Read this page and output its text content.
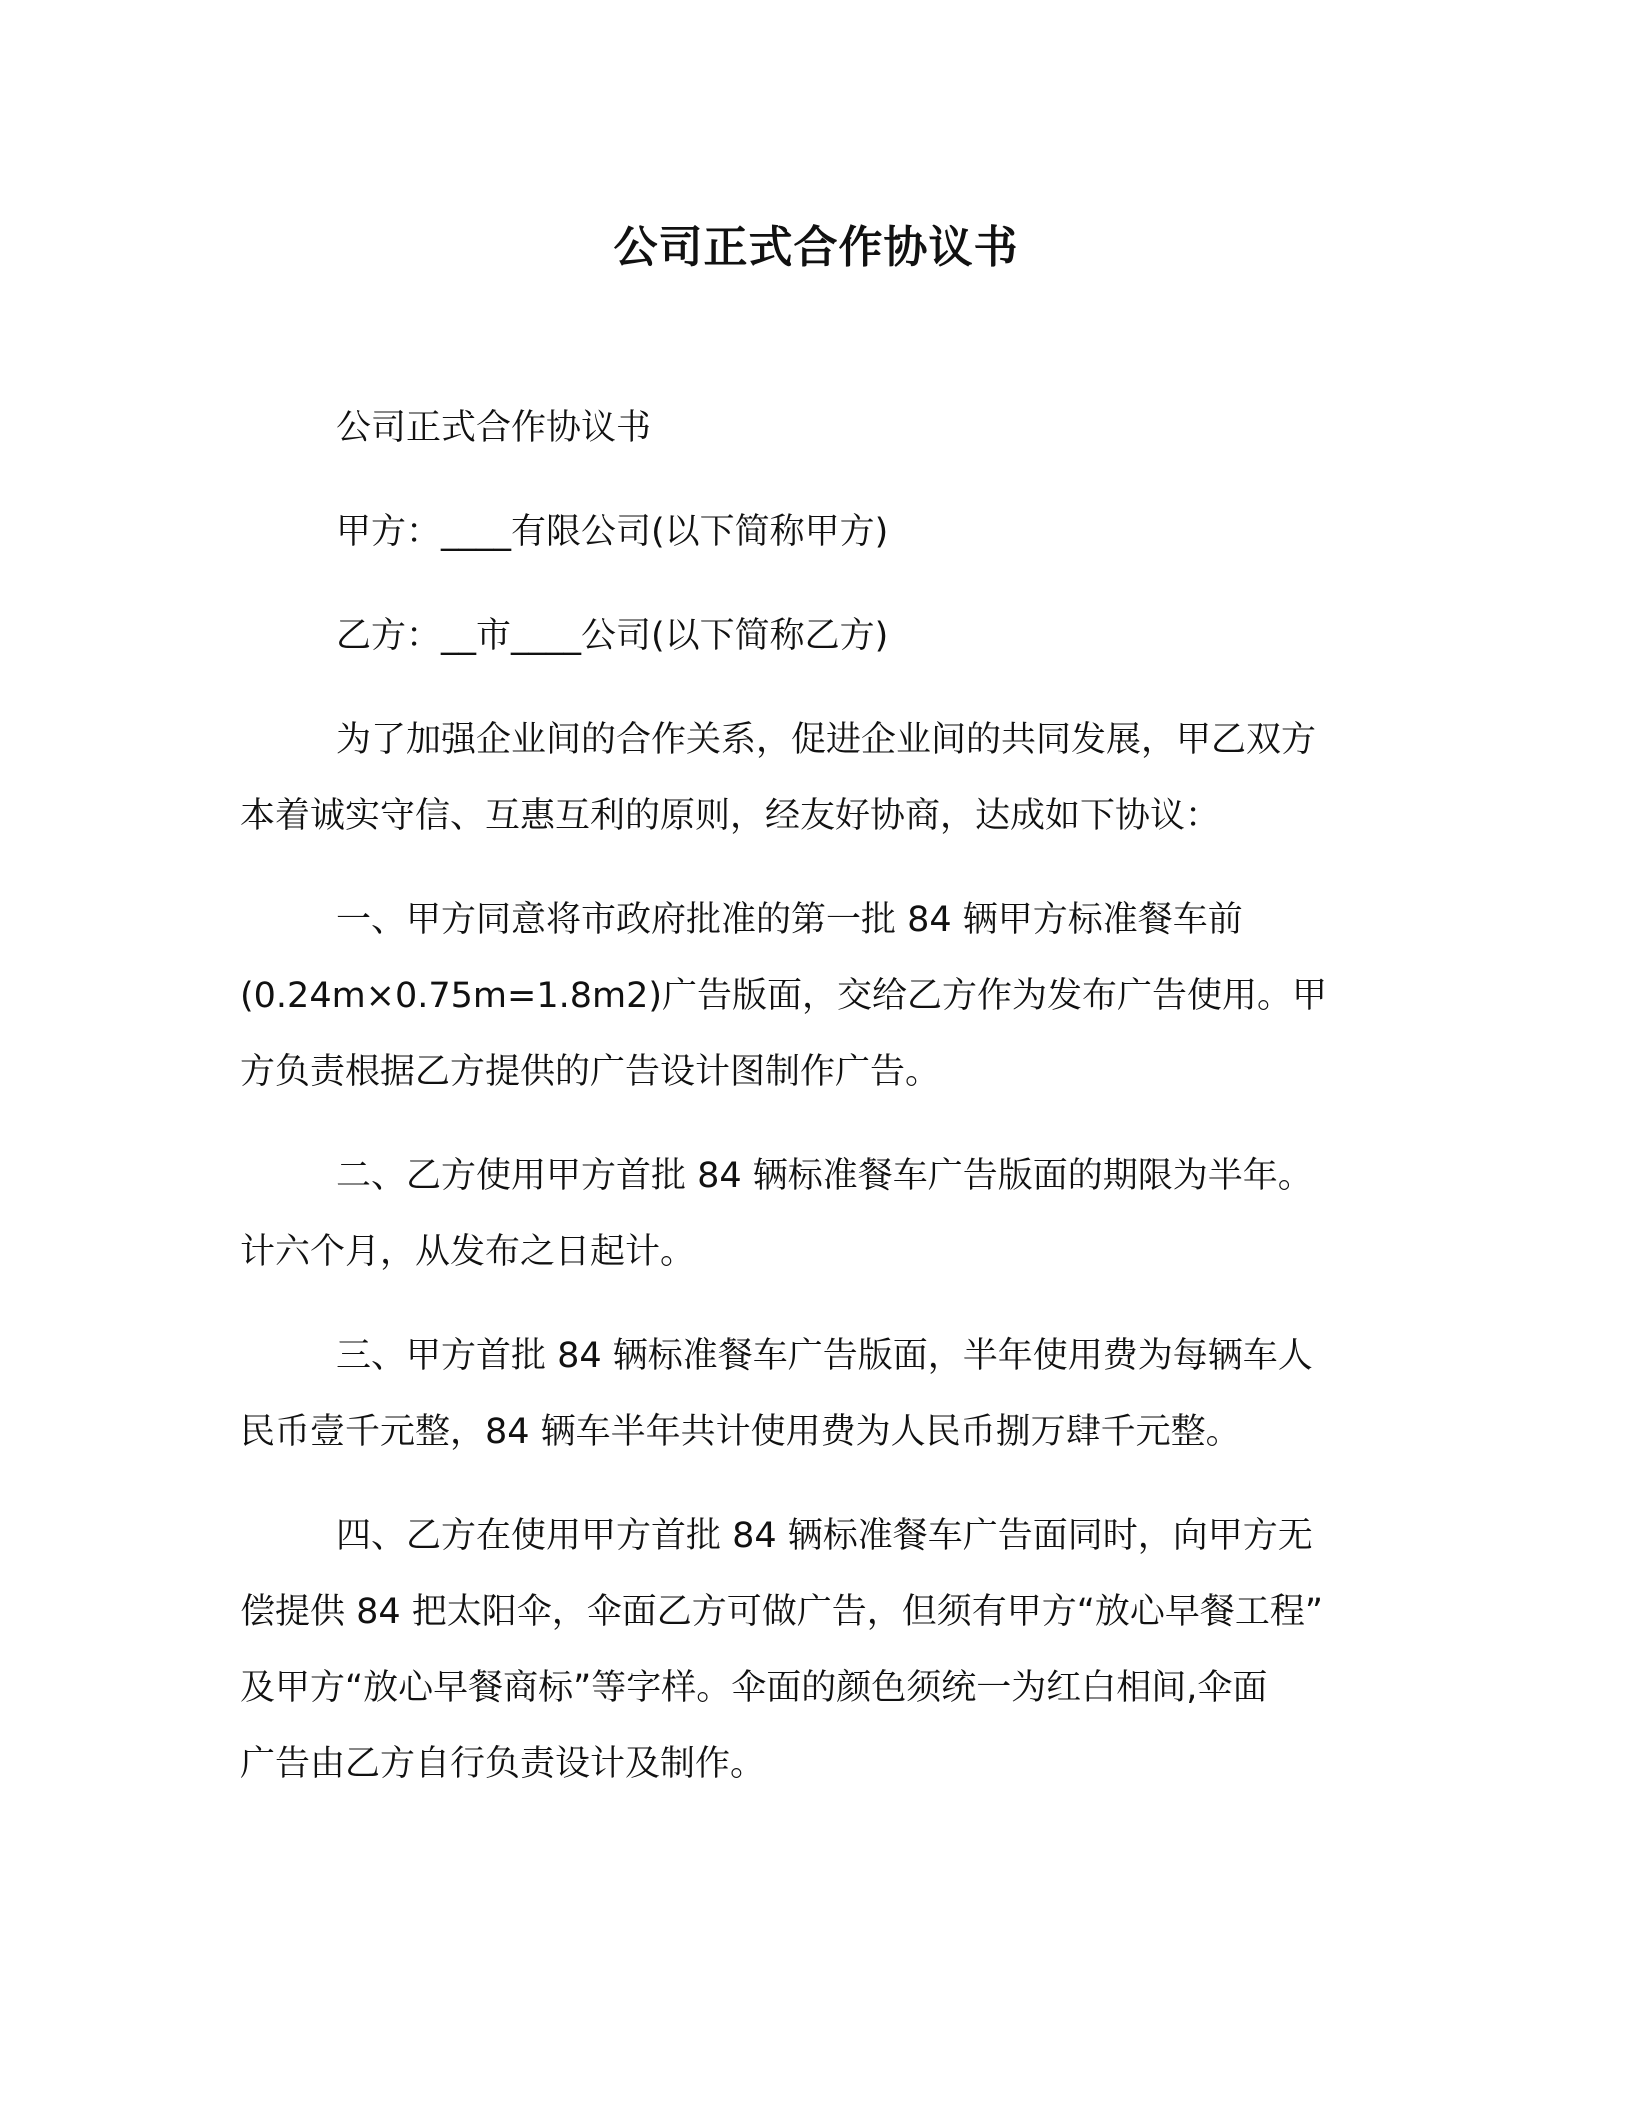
公司正式合作协议书
公司正式合作协议书
甲方：____有限公司(以下简称甲方)
乙方：__市____公司(以下简称乙方)
为了加强企业间的合作关系，促进企业间的共同发展，甲乙双方
本着诚实守信、互惠互利的原则，经友好协商，达成如下协议：
一、甲方同意将市政府批准的第一批 84 辆甲方标准餐车前
(0.24m×0.75m=1.8m2)广告版面，交给乙方作为发布广告使用。甲
方负责根据乙方提供的广告设计图制作广告。
二、乙方使用甲方首批 84 辆标准餐车广告版面的期限为半年。
计六个月，从发布之日起计。
三、甲方首批 84 辆标准餐车广告版面，半年使用费为每辆车人
民币壹千元整，84 辆车半年共计使用费为人民币捌万肆千元整。
四、乙方在使用甲方首批 84 辆标准餐车广告面同时，向甲方无
偿提供 84 把太阳伞，伞面乙方可做广告，但须有甲方“放心早餐工程”
及甲方“放心早餐商标”等字样。伞面的颜色须统一为红白相间,伞面
广告由乙方自行负责设计及制作。
